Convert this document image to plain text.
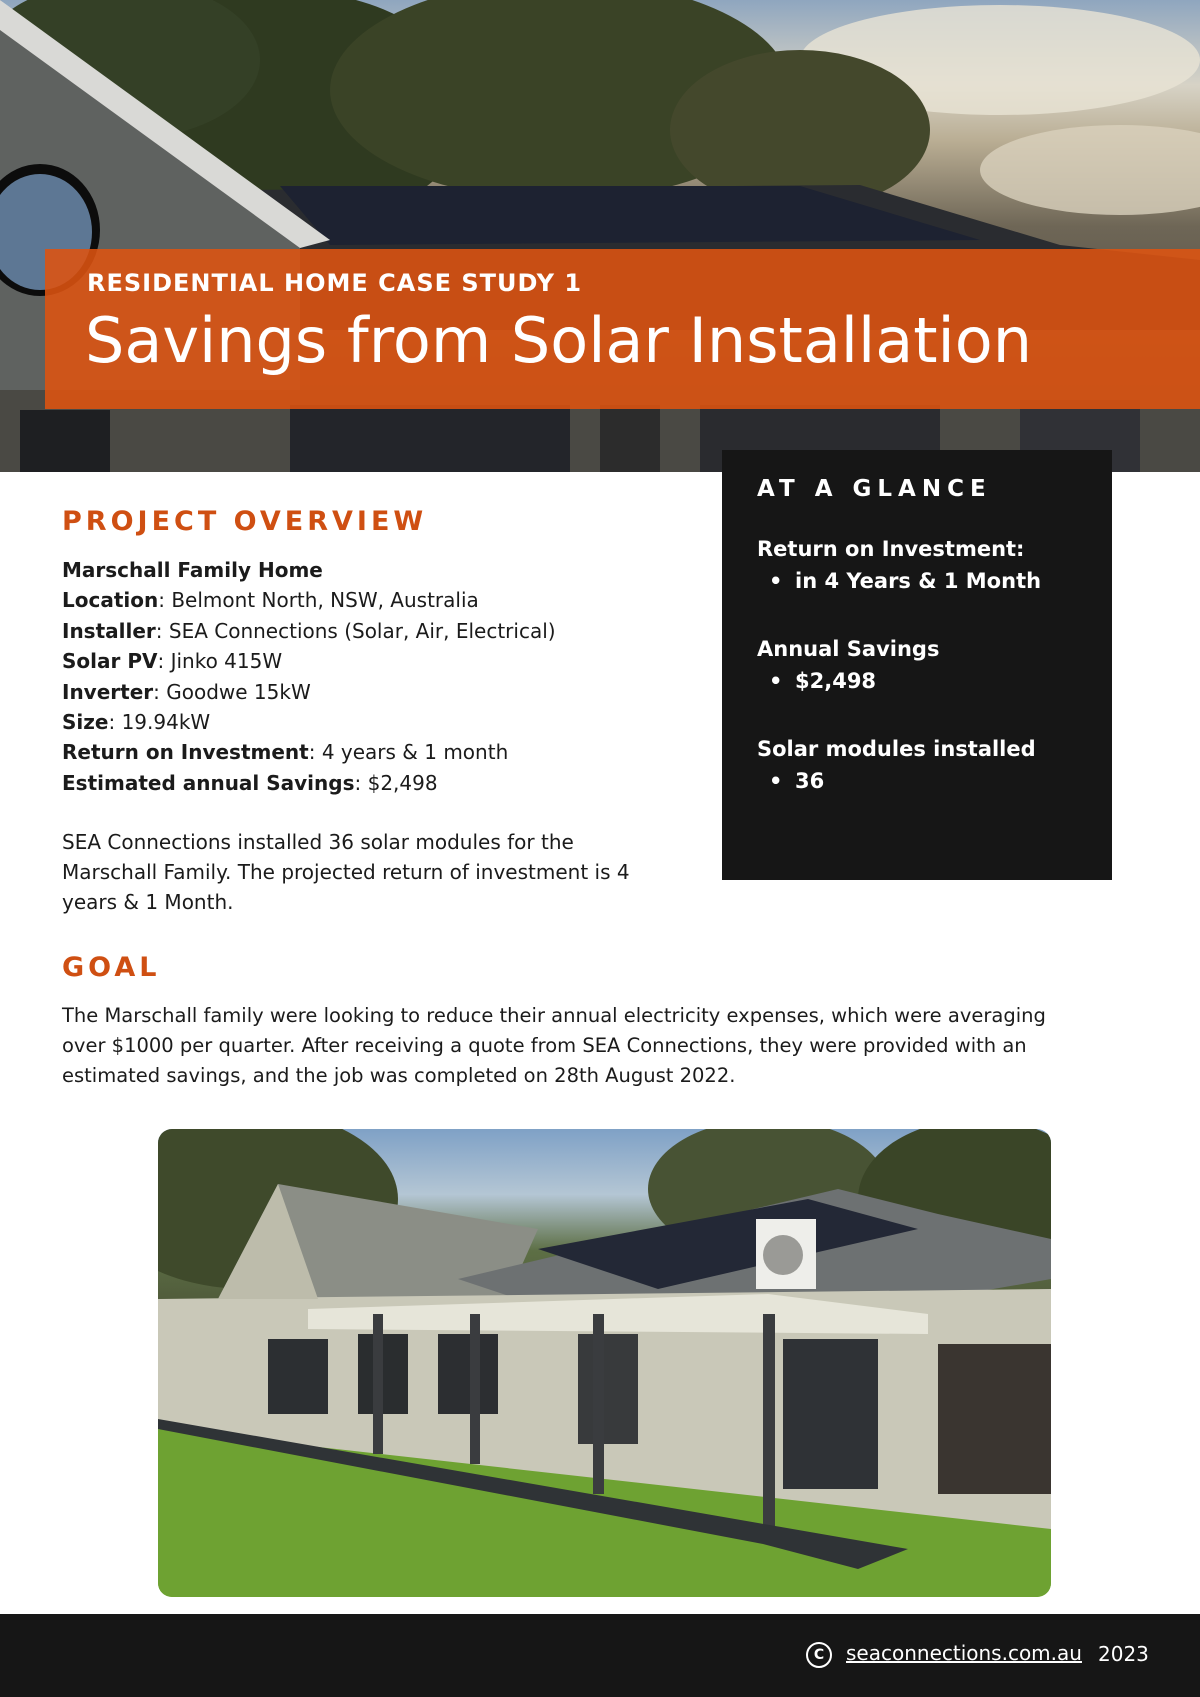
RESIDENTIAL HOME CASE STUDY 1
Savings from Solar Installation
AT A GLANCE
Return on Investment:
• in 4 Years & 1 Month
Annual Savings
• $2,498
Solar modules installed
• 36
PROJECT OVERVIEW
Marschall Family Home
Location: Belmont North, NSW, Australia
Installer: SEA Connections (Solar, Air, Electrical)
Solar PV: Jinko 415W
Inverter: Goodwe 15kW
Size: 19.94kW
Return on Investment: 4 years & 1 month
Estimated annual Savings: $2,498
SEA Connections installed 36 solar modules for the
Marschall Family. The projected return of investment is 4
years & 1 Month.
GOAL
The Marschall family were looking to reduce their annual electricity expenses, which were averaging
over $1000 per quarter. After receiving a quote from SEA Connections, they were provided with an
estimated savings, and the job was completed on 28th August 2022.
C	seaconnections.com.au 2023
